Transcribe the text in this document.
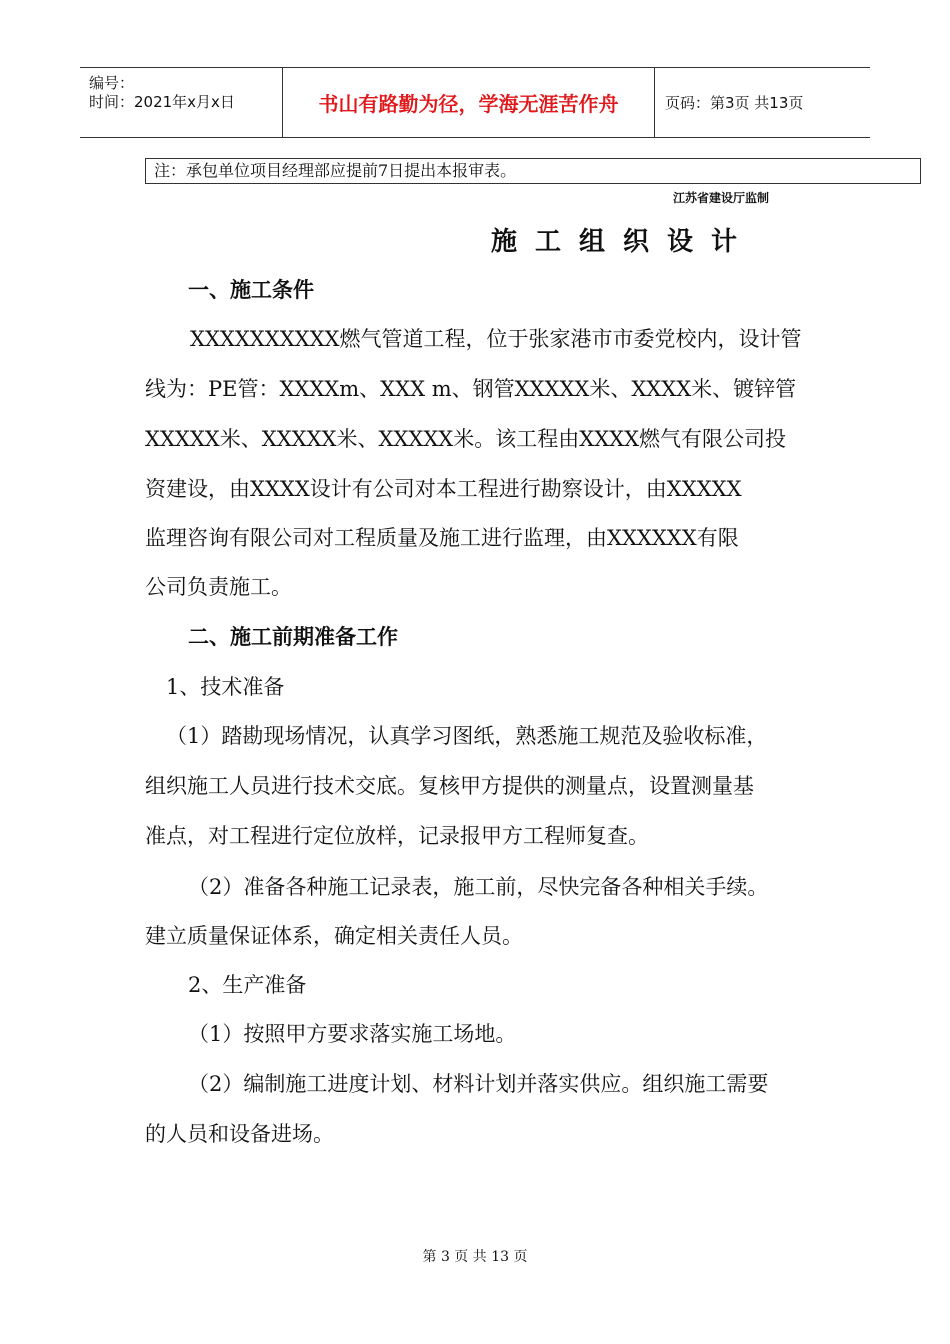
编号：
时间：2021年x月x日	书山有路勤为径，学海无涯苦作舟	页码：第3页 共13页
注：承包单位项目经理部应提前7日提出本报审表。
江苏省建设厅监制
施工组织设计
一、施工条件
XXXXXXXXXX燃气管道工程，位于张家港市市委党校内，设计管
线为：PE管：XXXXm、XXX m、钢管XXXXX米、XXXX米、镀锌管
XXXXX米、XXXXX米、XXXXX米。该工程由XXXX燃气有限公司投
资建设，由XXXX设计有公司对本工程进行勘察设计，由XXXXX
监理咨询有限公司对工程质量及施工进行监理，由XXXXXX有限
公司负责施工。
二、施工前期准备工作
1、技术准备
（1）踏勘现场情况，认真学习图纸，熟悉施工规范及验收标准，
组织施工人员进行技术交底。复核甲方提供的测量点，设置测量基
准点，对工程进行定位放样，记录报甲方工程师复查。
（2）准备各种施工记录表，施工前，尽快完备各种相关手续。
建立质量保证体系，确定相关责任人员。
2、生产准备
（1）按照甲方要求落实施工场地。
（2）编制施工进度计划、材料计划并落实供应。组织施工需要
的人员和设备进场。
第 3 页 共 13 页
